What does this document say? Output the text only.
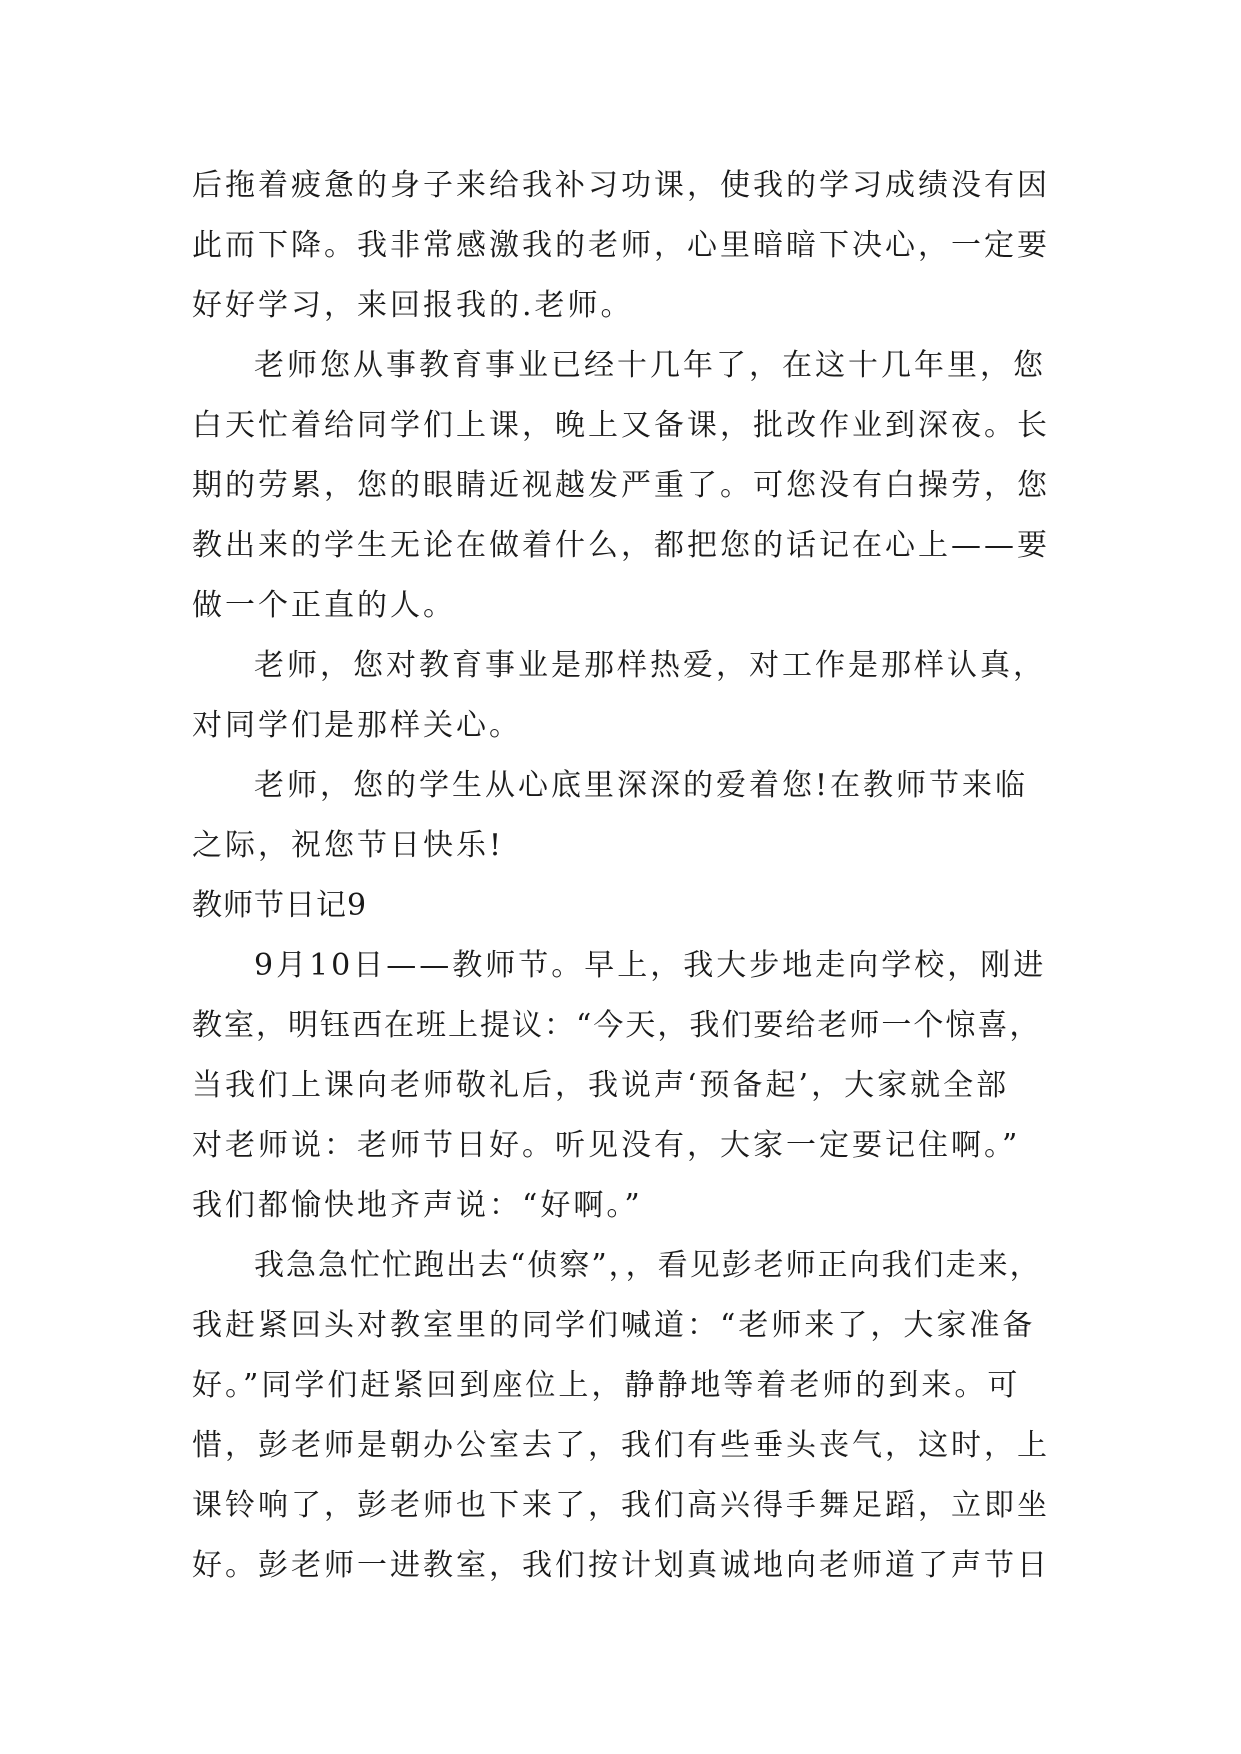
后拖着疲惫的身子来给我补习功课，使我的学习成绩没有因
此而下降。我非常感激我的老师，心里暗暗下决心，一定要
好好学习，来回报我的.老师。
老师您从事教育事业已经十几年了，在这十几年里，您
白天忙着给同学们上课，晚上又备课，批改作业到深夜。长
期的劳累，您的眼睛近视越发严重了。可您没有白操劳，您
教出来的学生无论在做着什么，都把您的话记在心上——要
做一个正直的人。
老师，您对教育事业是那样热爱，对工作是那样认真，
对同学们是那样关心。
老师，您的学生从心底里深深的爱着您!在教师节来临
之际，祝您节日快乐!
教师节日记9
9月10日——教师节。早上，我大步地走向学校，刚进
教室，明钰西在班上提议：“今天，我们要给老师一个惊喜，
当我们上课向老师敬礼后，我说声‘预备起’，大家就全部
对老师说：老师节日好。听见没有，大家一定要记住啊。”
我们都愉快地齐声说：“好啊。”
我急急忙忙跑出去“侦察”，，看见彭老师正向我们走来，
我赶紧回头对教室里的同学们喊道：“老师来了，大家准备
好。”同学们赶紧回到座位上，静静地等着老师的到来。可
惜，彭老师是朝办公室去了，我们有些垂头丧气，这时，上
课铃响了，彭老师也下来了，我们高兴得手舞足蹈，立即坐
好。彭老师一进教室，我们按计划真诚地向老师道了声节日
